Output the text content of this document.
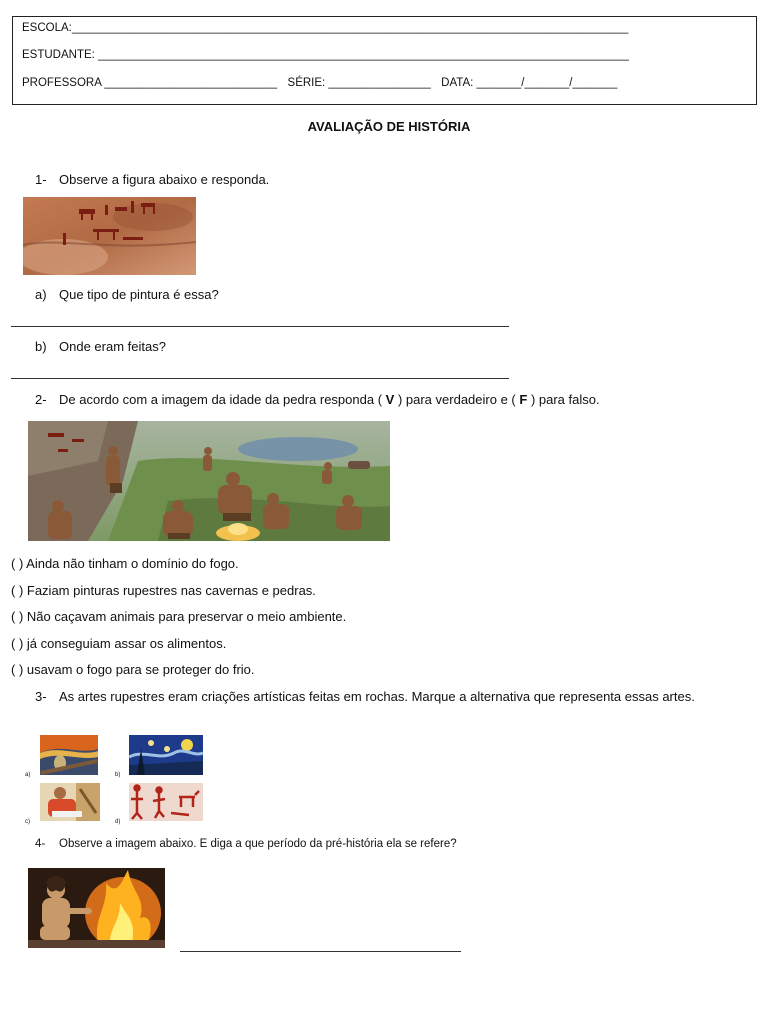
ESCOLA:_______________________________________________________________________________________
ESTUDANTE: ___________________________________________________________________________________
PROFESSORA ___________________________ SÉRIE: ________________ DATA: _______/_______/_______
AVALIAÇÃO DE HISTÓRIA
1- Observe a figura abaixo e responda.
a) Que tipo de pintura é essa?
b) Onde eram feitas?
2- De acordo com a imagem da idade da pedra responda ( V ) para verdadeiro e ( F ) para falso.
( ) Ainda não tinham o domínio do fogo.
( ) Faziam pinturas rupestres nas cavernas e pedras.
( ) Não caçavam animais para preservar o meio ambiente.
( ) já conseguiam assar os alimentos.
( ) usavam o fogo para se proteger do frio.
3- As artes rupestres eram criações artísticas feitas em rochas. Marque a alternativa que representa essas artes.
a)	b)
c)	d)
4- Observe a imagem abaixo. E diga a que período da pré-história ela se refere?
